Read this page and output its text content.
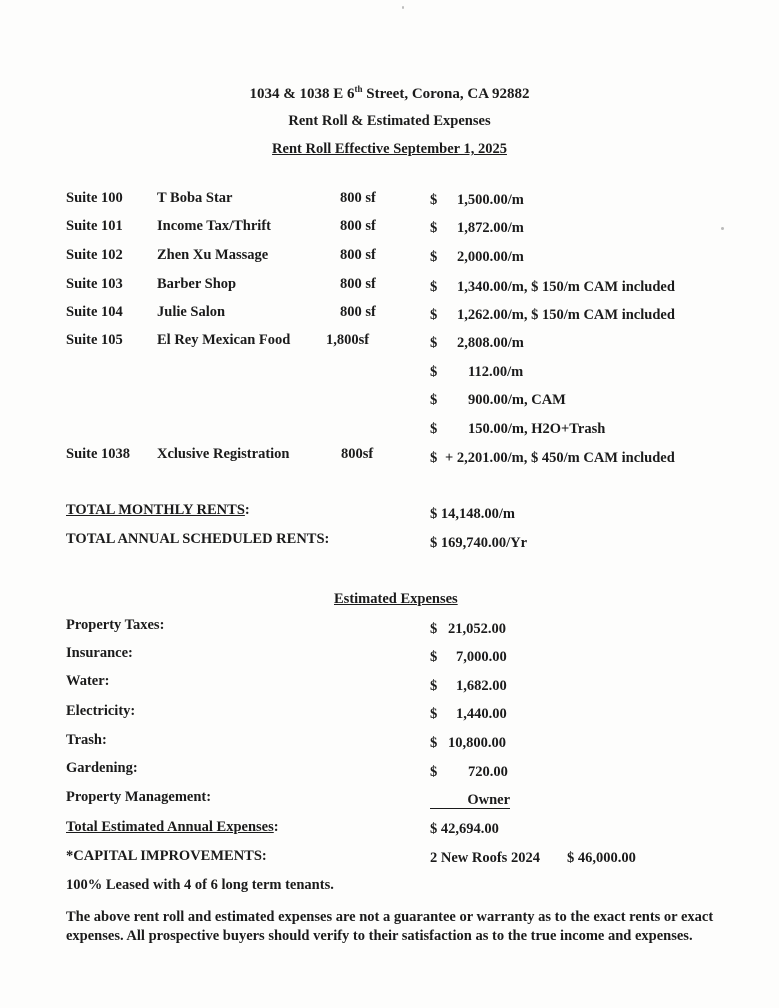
1034 & 1038 E 6th Street, Corona, CA 92882
Rent Roll & Estimated Expenses
Rent Roll Effective September 1, 2025
Suite 100 T Boba Star	800 sf	$ 1,500.00/m
Suite 101 Income Tax/Thrift	800 sf	$ 1,872.00/m
Suite 102 Zhen Xu Massage	800 sf	$ 2,000.00/m
Suite 103 Barber Shop	800 sf	$ 1,340.00/m, $ 150/m CAM included
Suite 104 Julie Salon	800 sf	$ 1,262.00/m, $ 150/m CAM included
Suite 105 El Rey Mexican Food 1,800sf	$ 2,808.00/m
$ 112.00/m
$ 900.00/m, CAM
$ 150.00/m, H2O+Trash
Suite 1038 Xclusive Registration	800sf	$ + 2,201.00/m, $ 450/m CAM included
TOTAL MONTHLY RENTS:	$ 14,148.00/m
TOTAL ANNUAL SCHEDULED RENTS:	$ 169,740.00/Yr
Estimated Expenses
Property Taxes:	$ 21,052.00
Insurance:	$ 7,000.00
Water:	$ 1,682.00
Electricity:	$ 1,440.00
Trash:	$ 10,800.00
Gardening:	$ 720.00
Property Management:	Owner
Total Estimated Annual Expenses:	$ 42,694.00
*CAPITAL IMPROVEMENTS:	2 New Roofs 2024 $ 46,000.00
100% Leased with 4 of 6 long term tenants.
The above rent roll and estimated expenses are not a guarantee or warranty as to the exact rents or exact
expenses. All prospective buyers should verify to their satisfaction as to the true income and expenses.
